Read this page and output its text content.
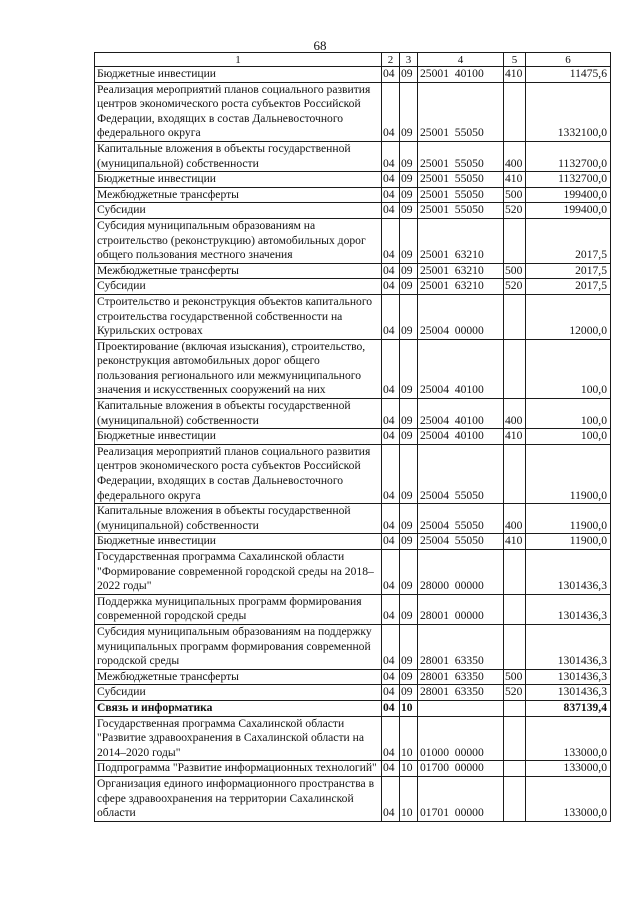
68
1	2	3	4	5	6
Бюджетные инвестиции	04	09	25001  40100	410	11475,6
Реализация мероприятий планов социального развития центров экономического роста субъектов Российской Федерации, входящих в состав Дальневосточного федерального округа	04	09	25001  55050		1332100,0
Капитальные вложения в объекты государственной (муниципальной) собственности	04	09	25001  55050	400	1132700,0
Бюджетные инвестиции	04	09	25001  55050	410	1132700,0
Межбюджетные трансферты	04	09	25001  55050	500	199400,0
Субсидии	04	09	25001  55050	520	199400,0
Субсидия муниципальным образованиям на строительство (реконструкцию) автомобильных дорог общего пользования местного значения	04	09	25001  63210		2017,5
Межбюджетные трансферты	04	09	25001  63210	500	2017,5
Субсидии	04	09	25001  63210	520	2017,5
Строительство и реконструкция объектов капитального строительства государственной собственности на Курильских островах	04	09	25004  00000		12000,0
Проектирование (включая изыскания), строительство, реконструкция автомобильных дорог общего пользования регионального или межмуниципального значения и искусственных сооружений на них	04	09	25004  40100		100,0
Капитальные вложения в объекты государственной (муниципальной) собственности	04	09	25004  40100	400	100,0
Бюджетные инвестиции	04	09	25004  40100	410	100,0
Реализация мероприятий планов социального развития центров экономического роста субъектов Российской Федерации, входящих в состав Дальневосточного федерального округа	04	09	25004  55050		11900,0
Капитальные вложения в объекты государственной (муниципальной) собственности	04	09	25004  55050	400	11900,0
Бюджетные инвестиции	04	09	25004  55050	410	11900,0
Государственная программа Сахалинской области "Формирование современной городской среды на 2018–2022 годы"	04	09	28000  00000		1301436,3
Поддержка муниципальных программ формирования современной городской среды	04	09	28001  00000		1301436,3
Субсидия муниципальным образованиям на поддержку муниципальных программ формирования современной городской среды	04	09	28001  63350		1301436,3
Межбюджетные трансферты	04	09	28001  63350	500	1301436,3
Субсидии	04	09	28001  63350	520	1301436,3
Связь и информатика	04	10			837139,4
Государственная программа Сахалинской области "Развитие здравоохранения в Сахалинской области на 2014–2020 годы"	04	10	01000  00000		133000,0
Подпрограмма "Развитие информационных технологий"	04	10	01700  00000		133000,0
Организация единого информационного пространства в сфере здравоохранения на территории Сахалинской области	04	10	01701  00000		133000,0
